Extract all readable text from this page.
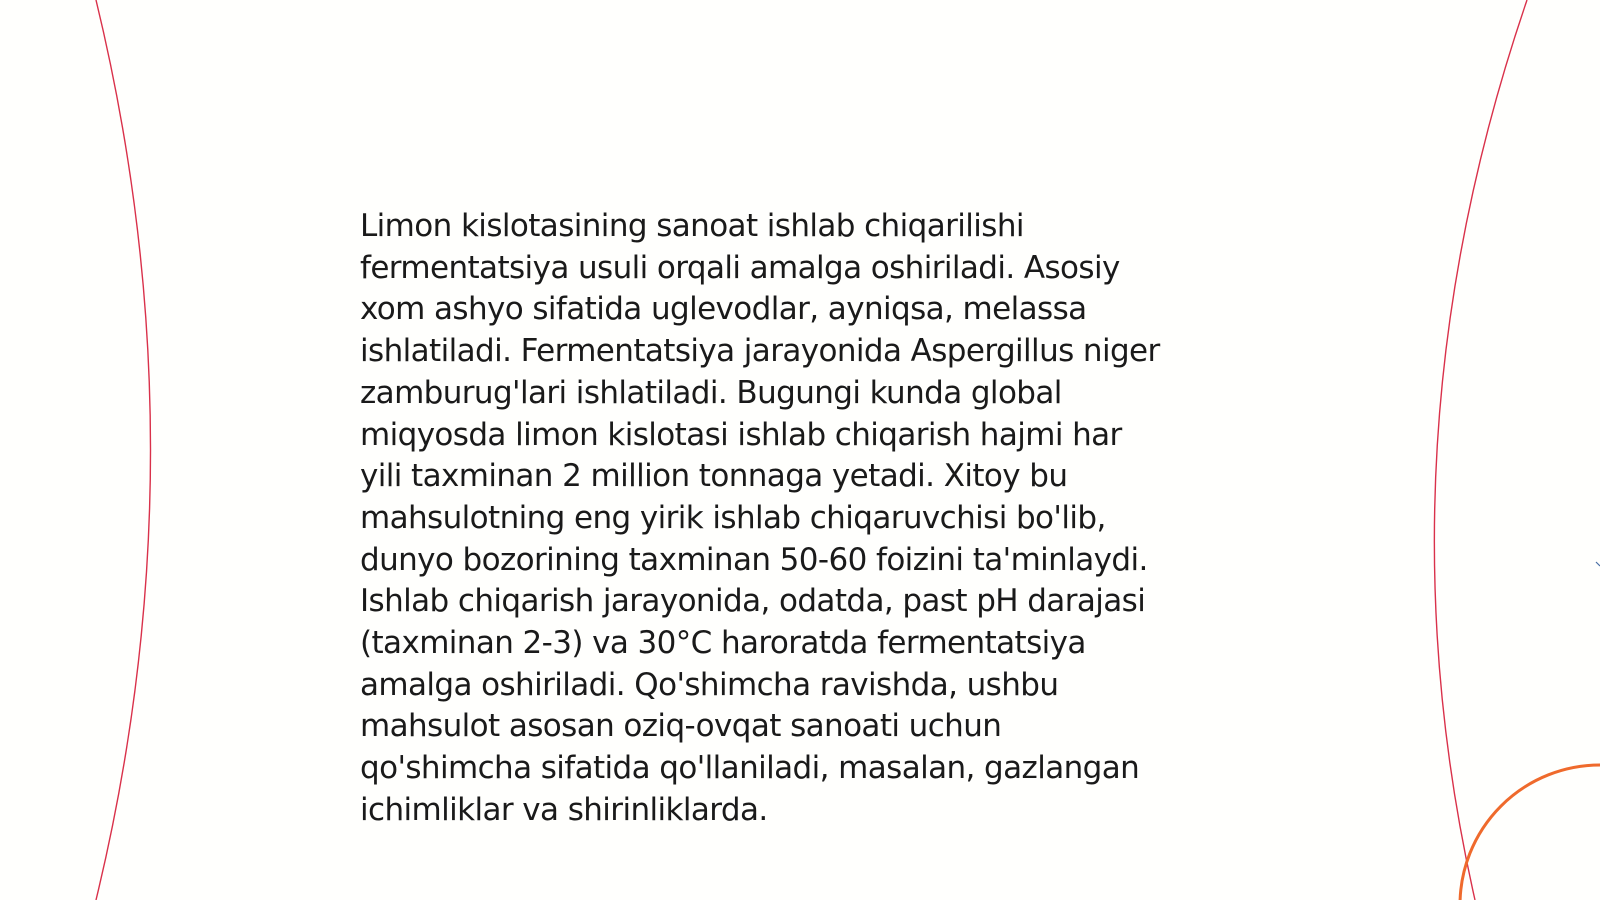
Limon kislotasining sanoat ishlab chiqarilishi
fermentatsiya usuli orqali amalga oshiriladi. Asosiy
xom ashyo sifatida uglevodlar, ayniqsa, melassa
ishlatiladi. Fermentatsiya jarayonida Aspergillus niger
zamburug'lari ishlatiladi. Bugungi kunda global
miqyosda limon kislotasi ishlab chiqarish hajmi har
yili taxminan 2 million tonnaga yetadi. Xitoy bu
mahsulotning eng yirik ishlab chiqaruvchisi bo'lib,
dunyo bozorining taxminan 50-60 foizini ta'minlaydi.
Ishlab chiqarish jarayonida, odatda, past pH darajasi
(taxminan 2-3) va 30°C haroratda fermentatsiya
amalga oshiriladi. Qo'shimcha ravishda, ushbu
mahsulot asosan oziq-ovqat sanoati uchun
qo'shimcha sifatida qo'llaniladi, masalan, gazlangan
ichimliklar va shirinliklarda.
